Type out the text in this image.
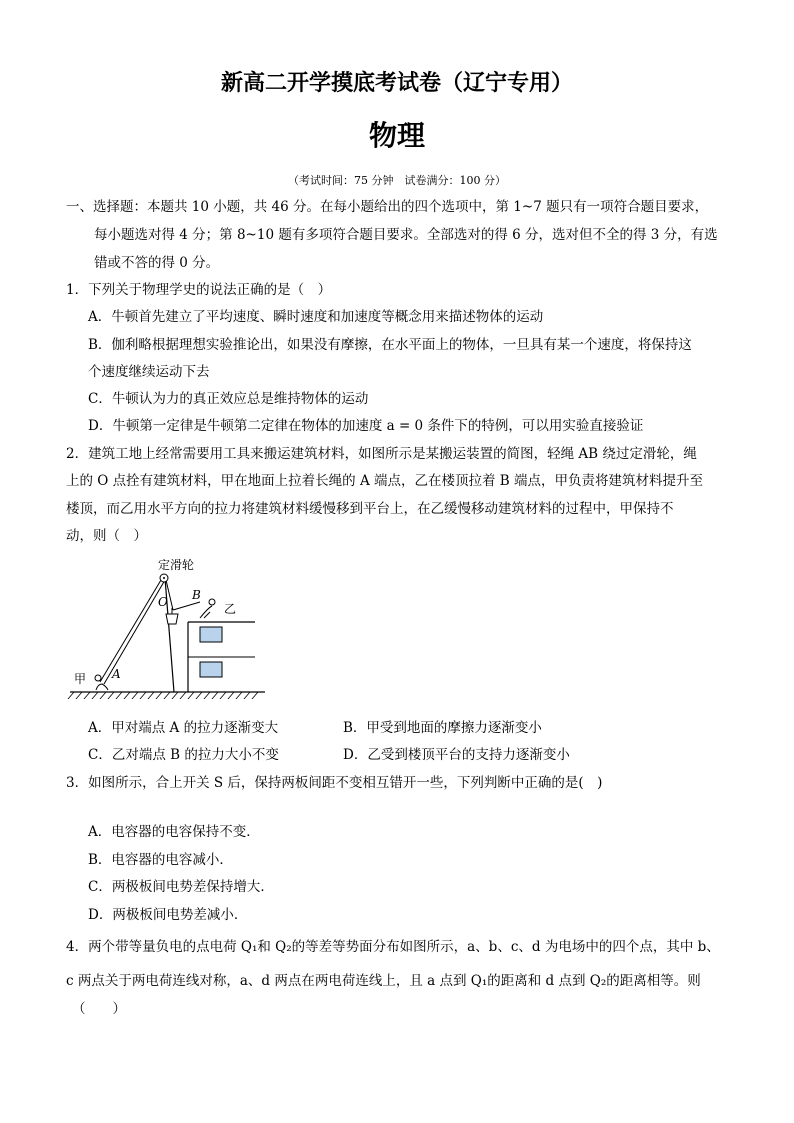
新高二开学摸底考试卷（辽宁专用）
物理
（考试时间：75 分钟　试卷满分：100 分）
一、选择题：本题共 10 小题，共 46 分。在每小题给出的四个选项中，第 1~7 题只有一项符合题目要求，
每小题选对得 4 分；第 8~10 题有多项符合题目要求。全部选对的得 6 分，选对但不全的得 3 分，有选
错或不答的得 0 分。
1．下列关于物理学史的说法正确的是（　）
A．牛顿首先建立了平均速度、瞬时速度和加速度等概念用来描述物体的运动
B．伽利略根据理想实验推论出，如果没有摩擦，在水平面上的物体，一旦具有某一个速度，将保持这
个速度继续运动下去
C．牛顿认为力的真正效应总是维持物体的运动
D．牛顿第一定律是牛顿第二定律在物体的加速度 a = 0 条件下的特例，可以用实验直接验证
2．建筑工地上经常需要用工具来搬运建筑材料，如图所示是某搬运装置的简图，轻绳 AB 绕过定滑轮，绳
上的 O 点拴有建筑材料，甲在地面上拉着长绳的 A 端点，乙在楼顶拉着 B 端点，甲负责将建筑材料提升至
楼顶，而乙用水平方向的拉力将建筑材料缓慢移到平台上，在乙缓慢移动建筑材料的过程中，甲保持不
动，则（　）
定滑轮
O B
乙
甲 A
A．甲对端点 A 的拉力逐渐变大	B．甲受到地面的摩擦力逐渐变小
C．乙对端点 B 的拉力大小不变	D．乙受到楼顶平台的支持力逐渐变小
3．如图所示，合上开关 S 后，保持两板间距不变相互错开一些，下列判断中正确的是(　)
A．电容器的电容保持不变．
B．电容器的电容减小．
C．两极板间电势差保持增大．
D．两极板间电势差减小．
4．两个带等量负电的点电荷 Q₁和 Q₂的等差等势面分布如图所示，a、b、c、d 为电场中的四个点，其中 b、
c 两点关于两电荷连线对称，a、d 两点在两电荷连线上，且 a 点到 Q₁的距离和 d 点到 Q₂的距离相等。则
（　　）
